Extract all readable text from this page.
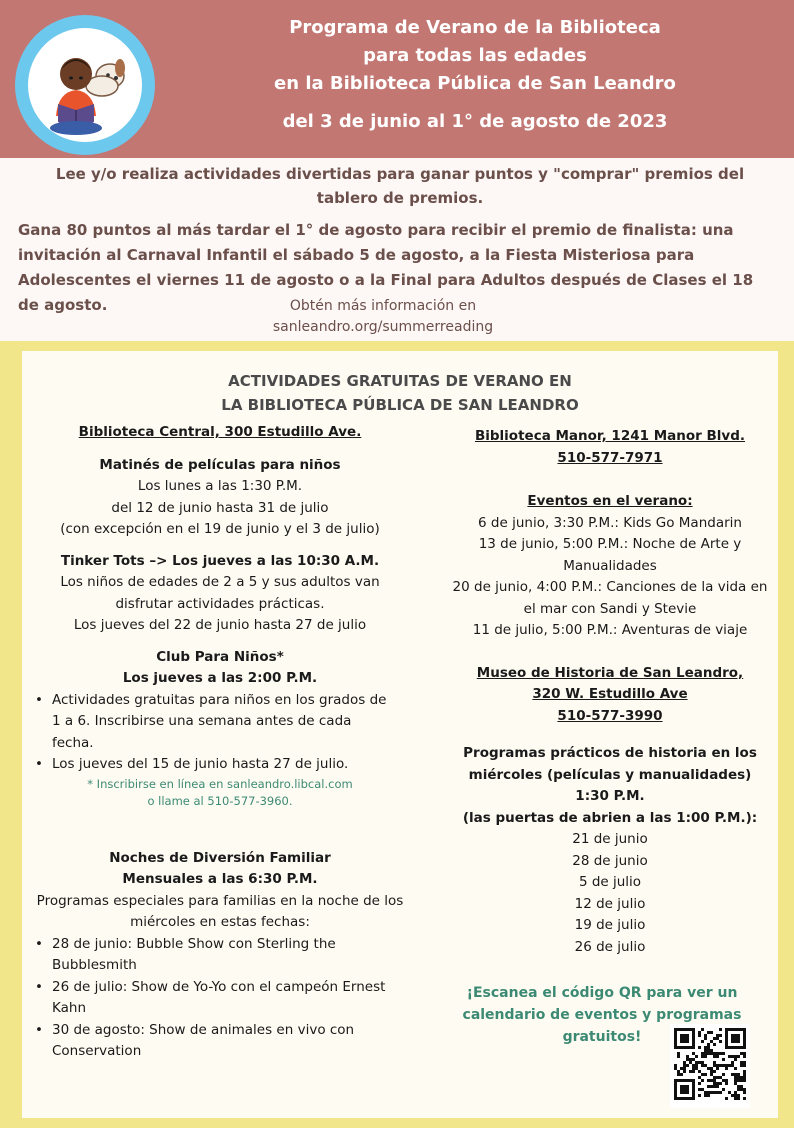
Programa de Verano de la Biblioteca
para todas las edades
en la Biblioteca Pública de San Leandro
del 3 de junio al 1° de agosto de 2023
Lee y/o realiza actividades divertidas para ganar puntos y "comprar" premios del tablero de premios.
Gana 80 puntos al más tardar el 1° de agosto para recibir el premio de finalista: una invitación al Carnaval Infantil el sábado 5 de agosto, a la Fiesta Misteriosa para Adolescentes el viernes 11 de agosto o a la Final para Adultos después de Clases el 18 de agosto.	Obtén más información en
sanleandro.org/summerreading
ACTIVIDADES GRATUITAS DE VERANO EN
LA BIBLIOTECA PÚBLICA DE SAN LEANDRO
Biblioteca Central, 300 Estudillo Ave.
Matinés de películas para niños
Los lunes a las 1:30 P.M.
del 12 de junio hasta 31 de julio
(con excepción en el 19 de junio y el 3 de julio)
Tinker Tots –> Los jueves a las 10:30 A.M.
Los niños de edades de 2 a 5 y sus adultos van disfrutar actividades prácticas.
Los jueves del 22 de junio hasta 27 de julio
Club Para Niños*
Los jueves a las 2:00 P.M.
• Actividades gratuitas para niños en los grados de 1 a 6. Inscribirse una semana antes de cada fecha.
• Los jueves del 15 de junio hasta 27 de julio.
* Inscribirse en línea en sanleandro.libcal.com
o llame al 510-577-3960.
Noches de Diversión Familiar
Mensuales a las 6:30 P.M.
Programas especiales para familias en la noche de los miércoles en estas fechas:
• 28 de junio: Bubble Show con Sterling the Bubblesmith
• 26 de julio: Show de Yo-Yo con el campeón Ernest Kahn
• 30 de agosto: Show de animales en vivo con Conservation
Biblioteca Manor, 1241 Manor Blvd.
510-577-7971
Eventos en el verano:
6 de junio, 3:30 P.M.: Kids Go Mandarin
13 de junio, 5:00 P.M.: Noche de Arte y Manualidades
20 de junio, 4:00 P.M.: Canciones de la vida en el mar con Sandi y Stevie
11 de julio, 5:00 P.M.: Aventuras de viaje
Museo de Historia de San Leandro,
320 W. Estudillo Ave
510-577-3990
Programas prácticos de historia en los miércoles (películas y manualidades)
1:30 P.M.
(las puertas de abrien a las 1:00 P.M.):
21 de junio
28 de junio
5 de julio
12 de julio
19 de julio
26 de julio
¡Escanea el código QR para ver un calendario de eventos y programas gratuitos!
